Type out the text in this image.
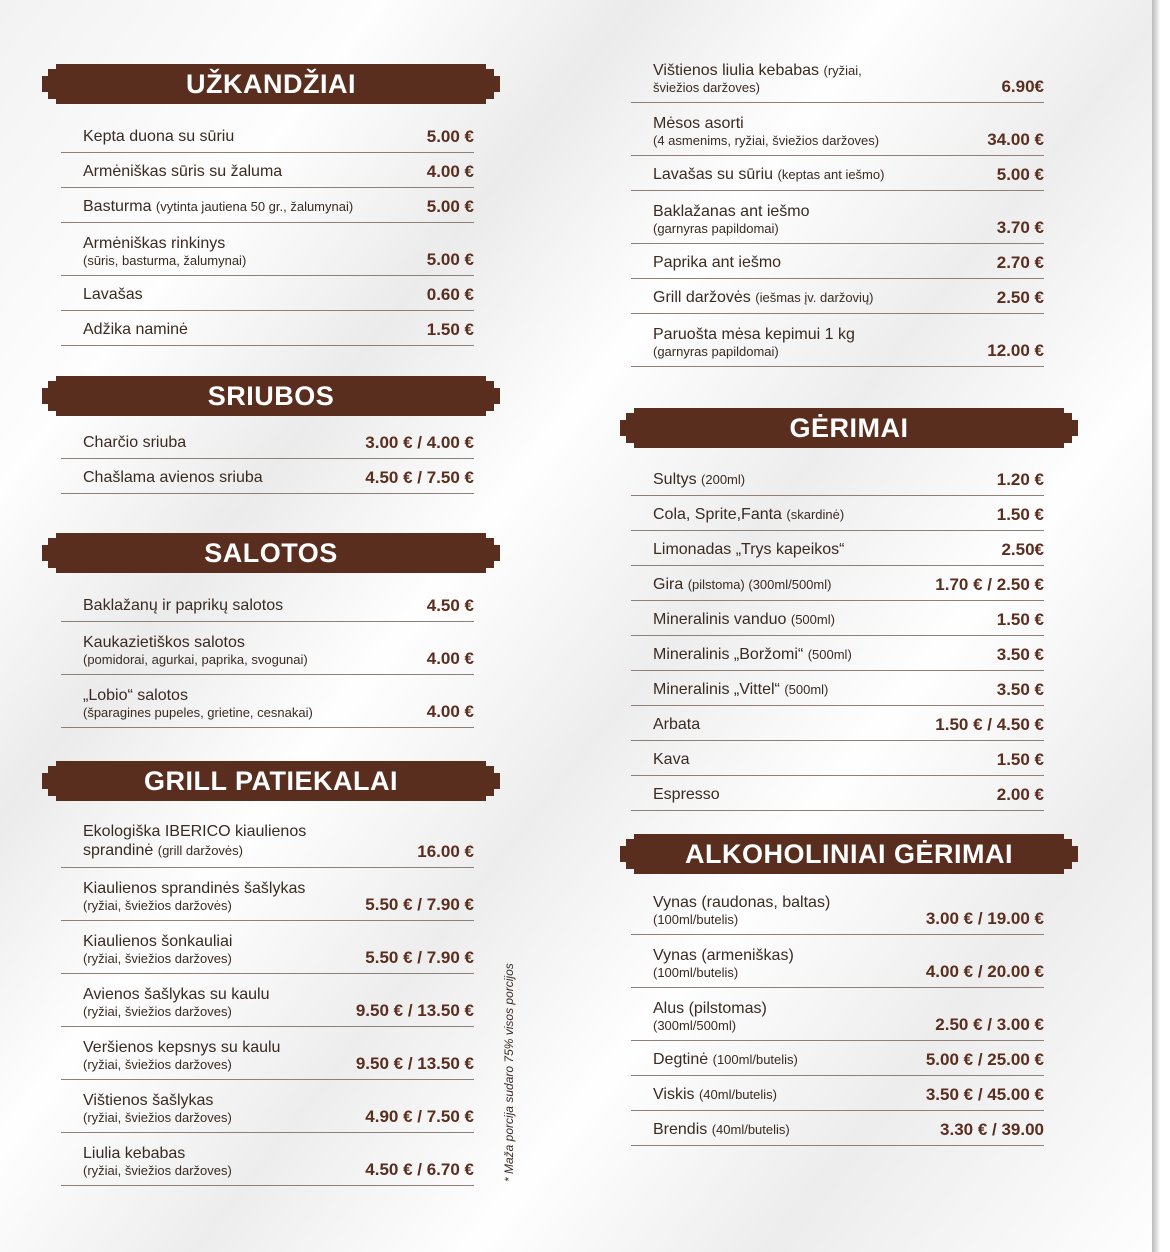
UŽKANDŽIAI
Kepta duona su sūriu	5.00 €
Armėniškas sūris su žaluma	4.00 €
Basturma (vytinta jautiena 50 gr., žalumynai)	5.00 €
Armėniškas rinkinys
(sūris, basturma, žalumynai)	5.00 €
Lavašas	0.60 €
Adžika naminė	1.50 €
SRIUBOS
Charčio sriuba	3.00 € / 4.00 €
Chašlama avienos sriuba	4.50 € / 7.50 €
SALOTOS
Baklažanų ir paprikų salotos	4.50 €
Kaukazietiškos salotos
(pomidorai, agurkai, paprika, svogunai)	4.00 €
„Lobio“ salotos
(šparagines pupeles, grietine, cesnakai)	4.00 €
GRILL PATIEKALAI
Ekologiška IBERICO kiaulienos
sprandinė (grill daržovės)	16.00 €
Kiaulienos sprandinės šašlykas
(ryžiai, šviežios daržovės)	5.50 € / 7.90 €
Kiaulienos šonkauliai
(ryžiai, šviežios daržoves)	5.50 € / 7.90 €
Avienos šašlykas su kaulu
(ryžiai, šviežios daržoves)	9.50 € / 13.50 €
Veršienos kepsnys su kaulu
(ryžiai, šviežios daržoves)	9.50 € / 13.50 €
Vištienos šašlykas
(ryžiai, šviežios daržoves)	4.90 € / 7.50 €
Liulia kebabas
(ryžiai, šviežios daržoves)	4.50 € / 6.70 € * Maža porcija sudaro 75% visos porcijos
Vištienos liulia kebabas (ryžiai,
šviežios daržoves)	6.90€
Mėsos asorti
(4 asmenims, ryžiai, šviežios daržoves)	34.00 €
Lavašas su sūriu (keptas ant iešmo)	5.00 €
Baklažanas ant iešmo
(garnyras papildomai)	3.70 €
Paprika ant iešmo	2.70 €
Grill daržovės (iešmas įv. daržovių)	2.50 €
Paruošta mėsa kepimui 1 kg
(garnyras papildomai)	12.00 €
GĖRIMAI
Sultys (200ml)	1.20 €
Cola, Sprite,Fanta (skardinė)	1.50 €
Limonadas „Trys kapeikos“	2.50€
Gira (pilstoma) (300ml/500ml)	1.70 € / 2.50 €
Mineralinis vanduo (500ml)	1.50 €
Mineralinis „Boržomi“ (500ml)	3.50 €
Mineralinis „Vittel“ (500ml)	3.50 €
Arbata	1.50 € / 4.50 €
Kava	1.50 €
Espresso	2.00 €
ALKOHOLINIAI GĖRIMAI
Vynas (raudonas, baltas)
(100ml/butelis)	3.00 € / 19.00 €
Vynas (armeniškas)
(100ml/butelis)	4.00 € / 20.00 €
Alus (pilstomas)
(300ml/500ml)	2.50 € / 3.00 €
Degtinė (100ml/butelis)	5.00 € / 25.00 €
Viskis (40ml/butelis)	3.50 € / 45.00 €
Brendis (40ml/butelis)	3.30 € / 39.00
